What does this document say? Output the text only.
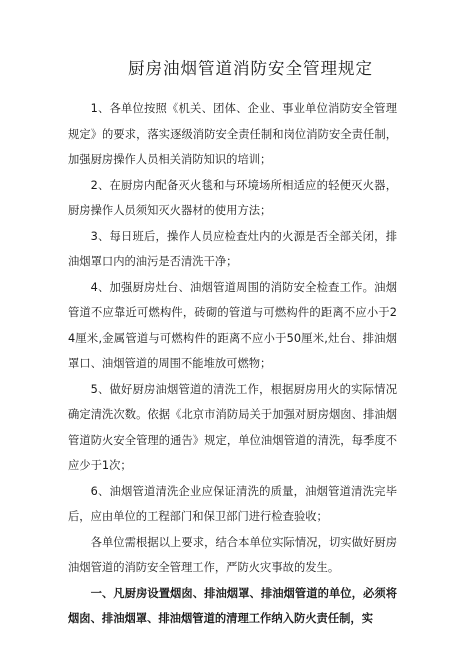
厨房油烟管道消防安全管理规定

1、各单位按照《机关、团体、企业、事业单位消防安全管理规定》的要求，落实逐级消防安全责任制和岗位消防安全责任制，加强厨房操作人员相关消防知识的培训；

2、在厨房内配备灭火毯和与环境场所相适应的轻便灭火器，厨房操作人员须知灭火器材的使用方法；

3、每日班后，操作人员应检查灶内的火源是否全部关闭，排油烟罩口内的油污是否清洗干净；

4、加强厨房灶台、油烟管道周围的消防安全检查工作。油烟管道不应靠近可燃构件，砖砌的管道与可燃构件的距离不应小于24厘米,金属管道与可燃构件的距离不应小于50厘米,灶台、排油烟罩口、油烟管道的周围不能堆放可燃物；

5、做好厨房油烟管道的清洗工作，根据厨房用火的实际情况确定清洗次数。依据《北京市消防局关于加强对厨房烟囱、排油烟管道防火安全管理的通告》规定，单位油烟管道的清洗，每季度不应少于1次；

6、油烟管道清洗企业应保证清洗的质量，油烟管道清洗完毕后，应由单位的工程部门和保卫部门进行检查验收；

各单位需根据以上要求，结合本单位实际情况，切实做好厨房油烟管道的消防安全管理工作，严防火灾事故的发生。

一、凡厨房设置烟囱、排油烟罩、排油烟管道的单位，必须将烟囱、排油烟罩、排油烟管道的清理工作纳入防火责任制，实
